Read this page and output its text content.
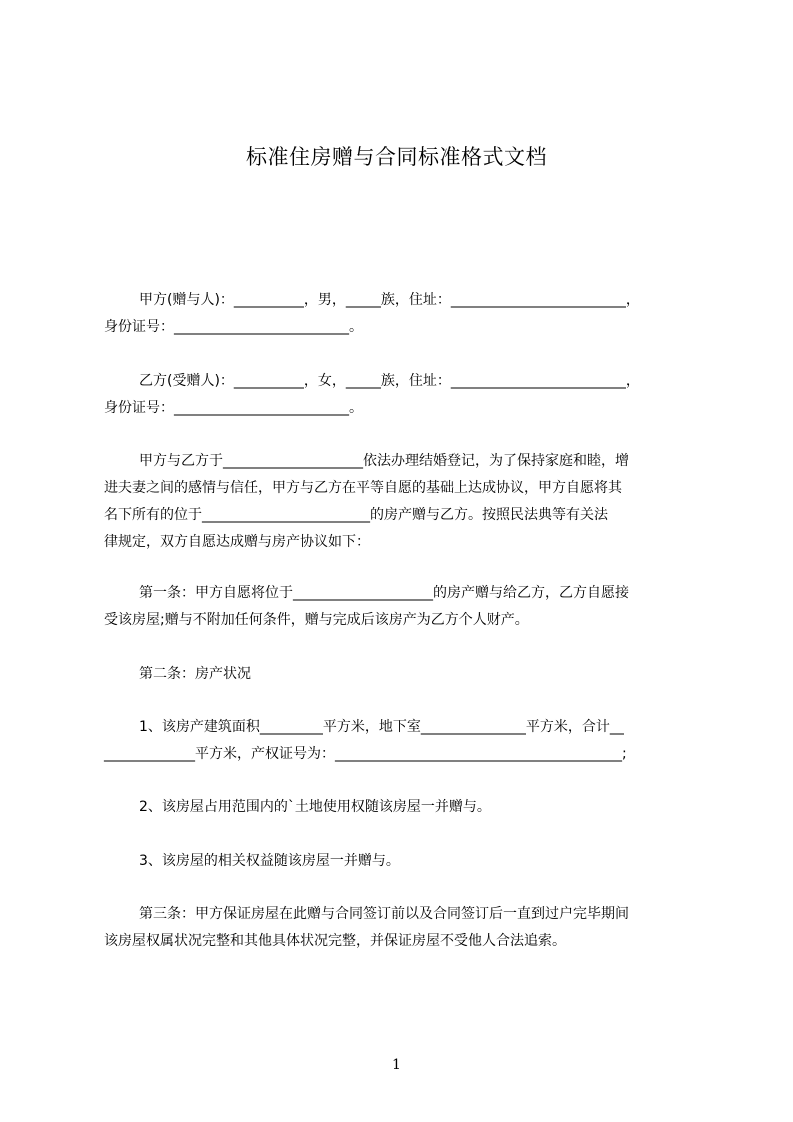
标准住房赠与合同标准格式文档
甲方(赠与人)：__________，男，_____族，住址：_________________________，
身份证号：_________________________。
乙方(受赠人)：__________，女，_____族，住址：_________________________，
身份证号：_________________________。
甲方与乙方于____________________依法办理结婚登记，为了保持家庭和睦，增
进夫妻之间的感情与信任，甲方与乙方在平等自愿的基础上达成协议，甲方自愿将其
名下所有的位于________________________的房产赠与乙方。按照民法典等有关法
律规定，双方自愿达成赠与房产协议如下：
第一条：甲方自愿将位于____________________的房产赠与给乙方，乙方自愿接
受该房屋;赠与不附加任何条件，赠与完成后该房产为乙方个人财产。
第二条：房产状况
1、该房产建筑面积_________平方米，地下室_______________平方米，合计__
_____________平方米，产权证号为：_________________________________________;
2、该房屋占用范围内的`土地使用权随该房屋一并赠与。
3、该房屋的相关权益随该房屋一并赠与。
第三条：甲方保证房屋在此赠与合同签订前以及合同签订后一直到过户完毕期间
该房屋权属状况完整和其他具体状况完整，并保证房屋不受他人合法追索。
1
